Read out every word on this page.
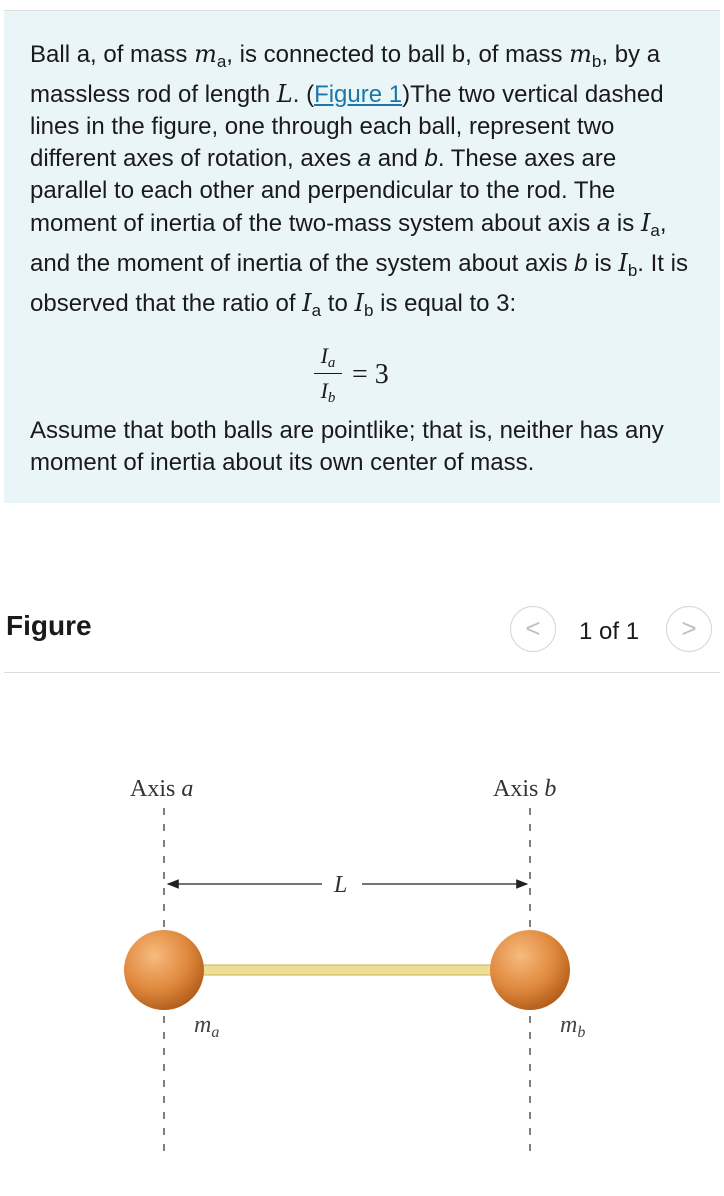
Ball a, of mass $m_a$, is connected to ball b, of mass $m_b$, by a massless rod of length L. (Figure 1)The two vertical dashed lines in the figure, one through each ball, represent two different axes of rotation, axes a and b. These axes are parallel to each other and perpendicular to the rod. The moment of inertia of the two-mass system about axis a is $I_a$, and the moment of inertia of the system about axis b is $I_b$. It is observed that the ratio of $I_a$ to $I_b$ is equal to 3:

Ia
Ib
= 3

Assume that both balls are pointlike; that is, neither has any moment of inertia about its own center of mass.

Figure	<	1 of 1	>
Axis a	Axis b
L
$m_a$	$m_b$
